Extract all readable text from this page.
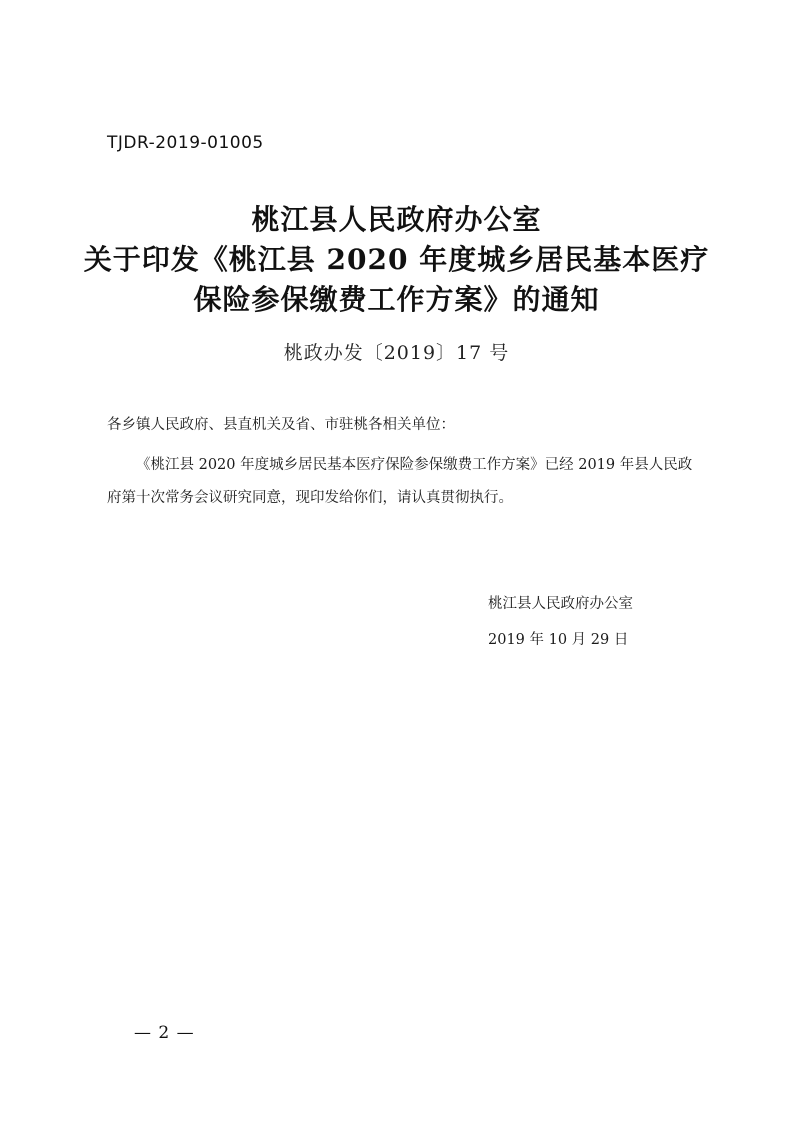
TJDR-2019-01005
桃江县人民政府办公室
关于印发《桃江县 2020 年度城乡居民基本医疗
保险参保缴费工作方案》的通知
桃政办发〔2019〕17 号
各乡镇人民政府、县直机关及省、市驻桃各相关单位：
《桃江县 2020 年度城乡居民基本医疗保险参保缴费工作方案》已经 2019 年县人民政府第十次常务会议研究同意，现印发给你们，请认真贯彻执行。
桃江县人民政府办公室
2019 年 10 月 29 日
— 2 —
